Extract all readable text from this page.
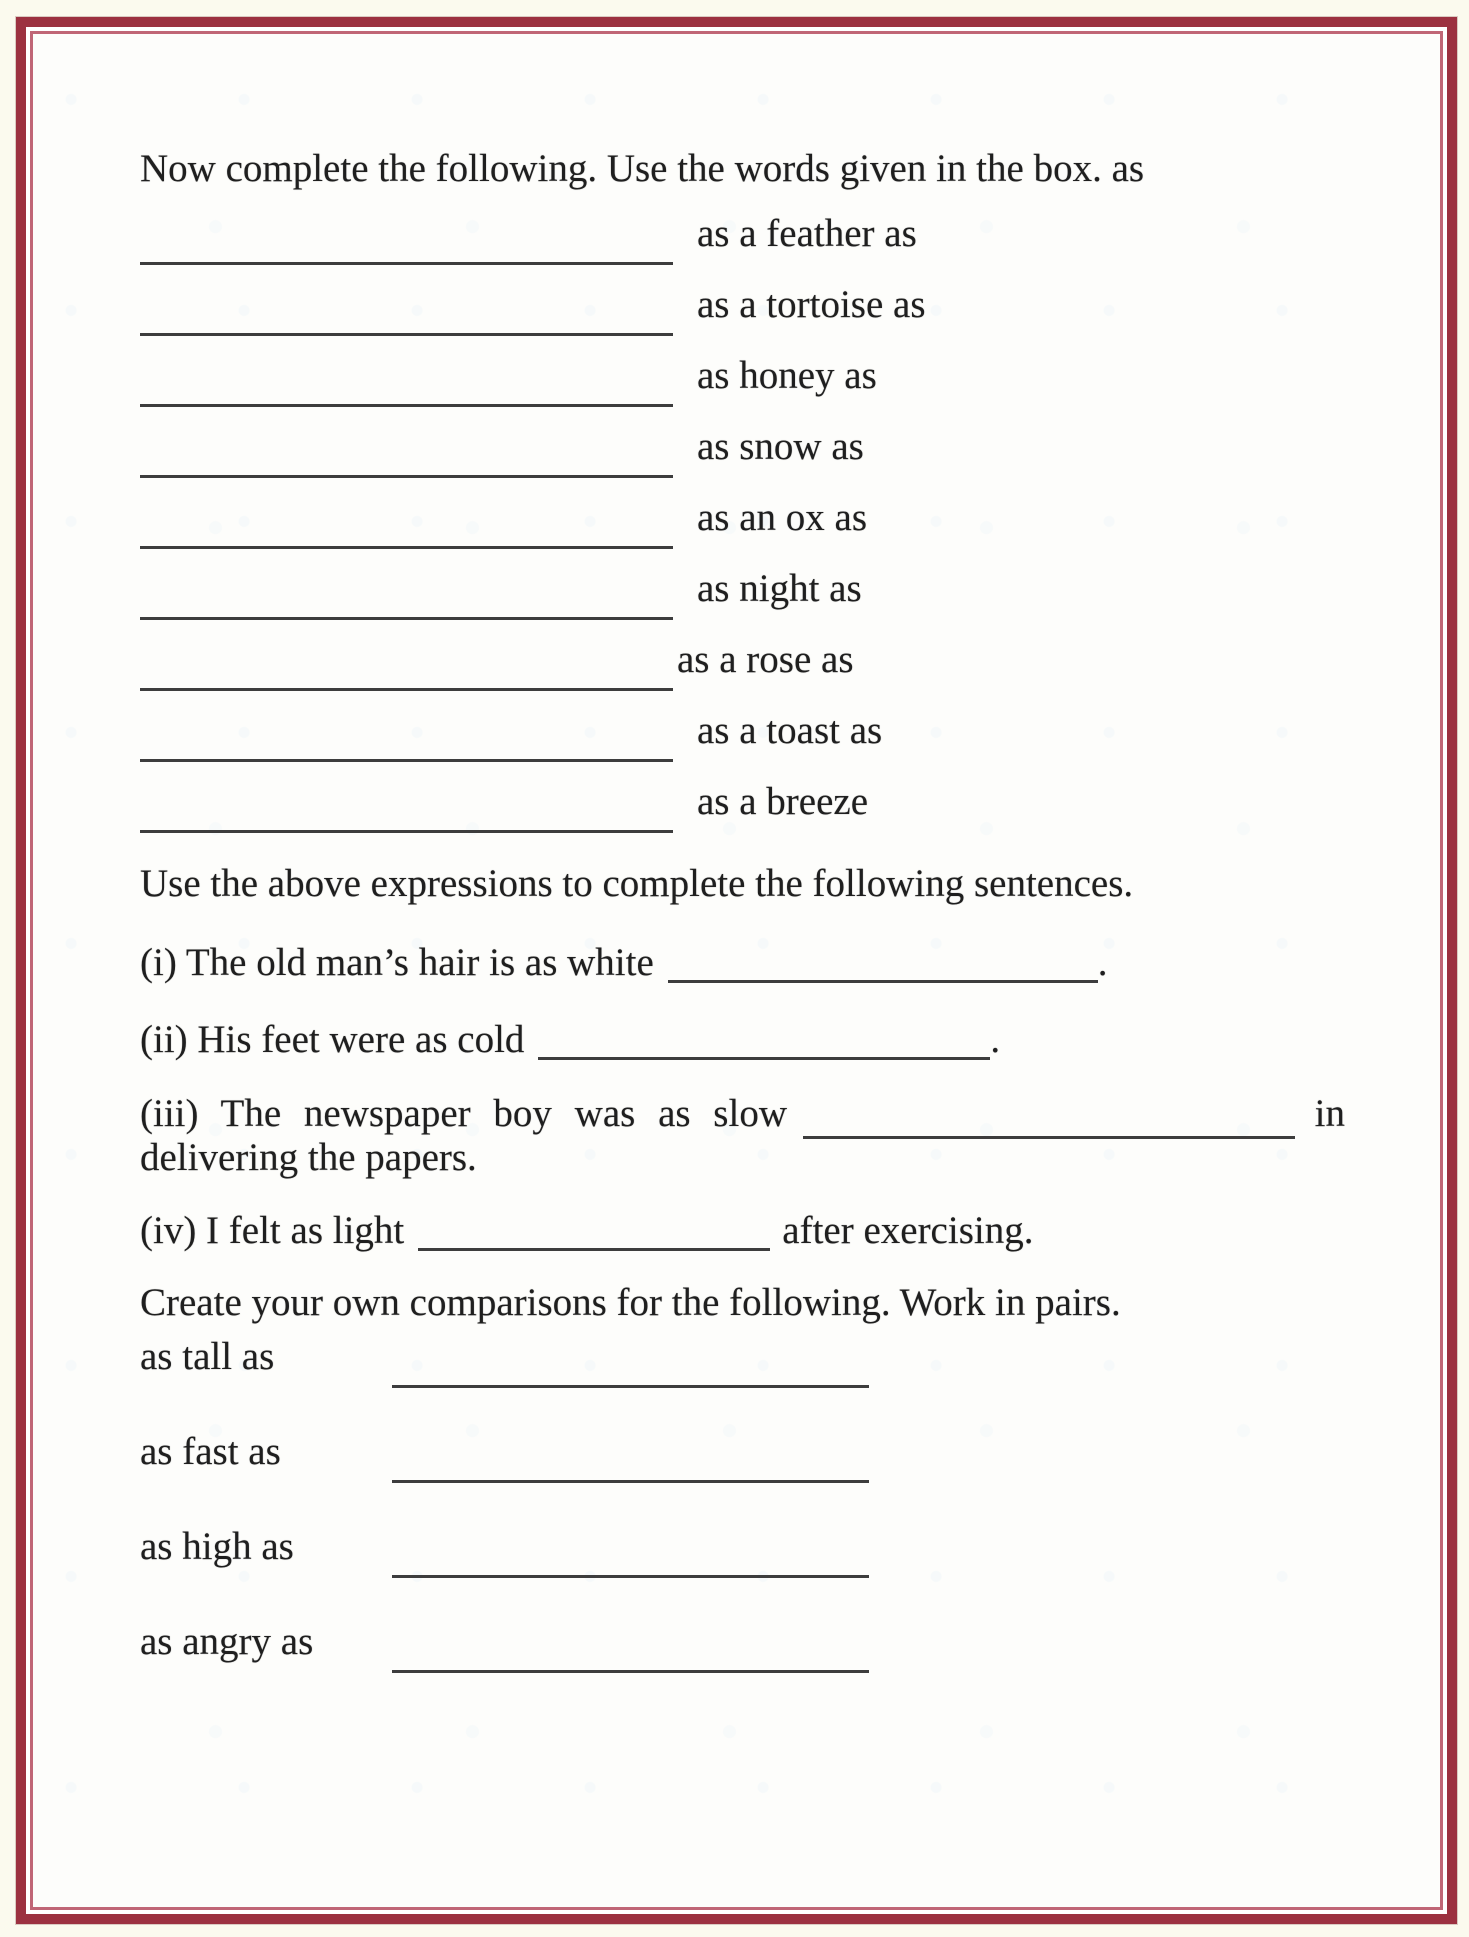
Now complete the following. Use the words given in the box. as

as a feather as
as a tortoise as
as honey as
as snow as
as an ox as
as night as
as a rose as
as a toast as
as a breeze

Use the above expressions to complete the following sentences.

(i) The old man’s hair is as white	.

(ii) His feet were as cold	.

(iii) The newspaper boy was as slow	in

delivering the papers.

(iv) I felt as light	after exercising.

Create your own comparisons for the following. Work in pairs.

as tall as
as fast as
as high as
as angry as
